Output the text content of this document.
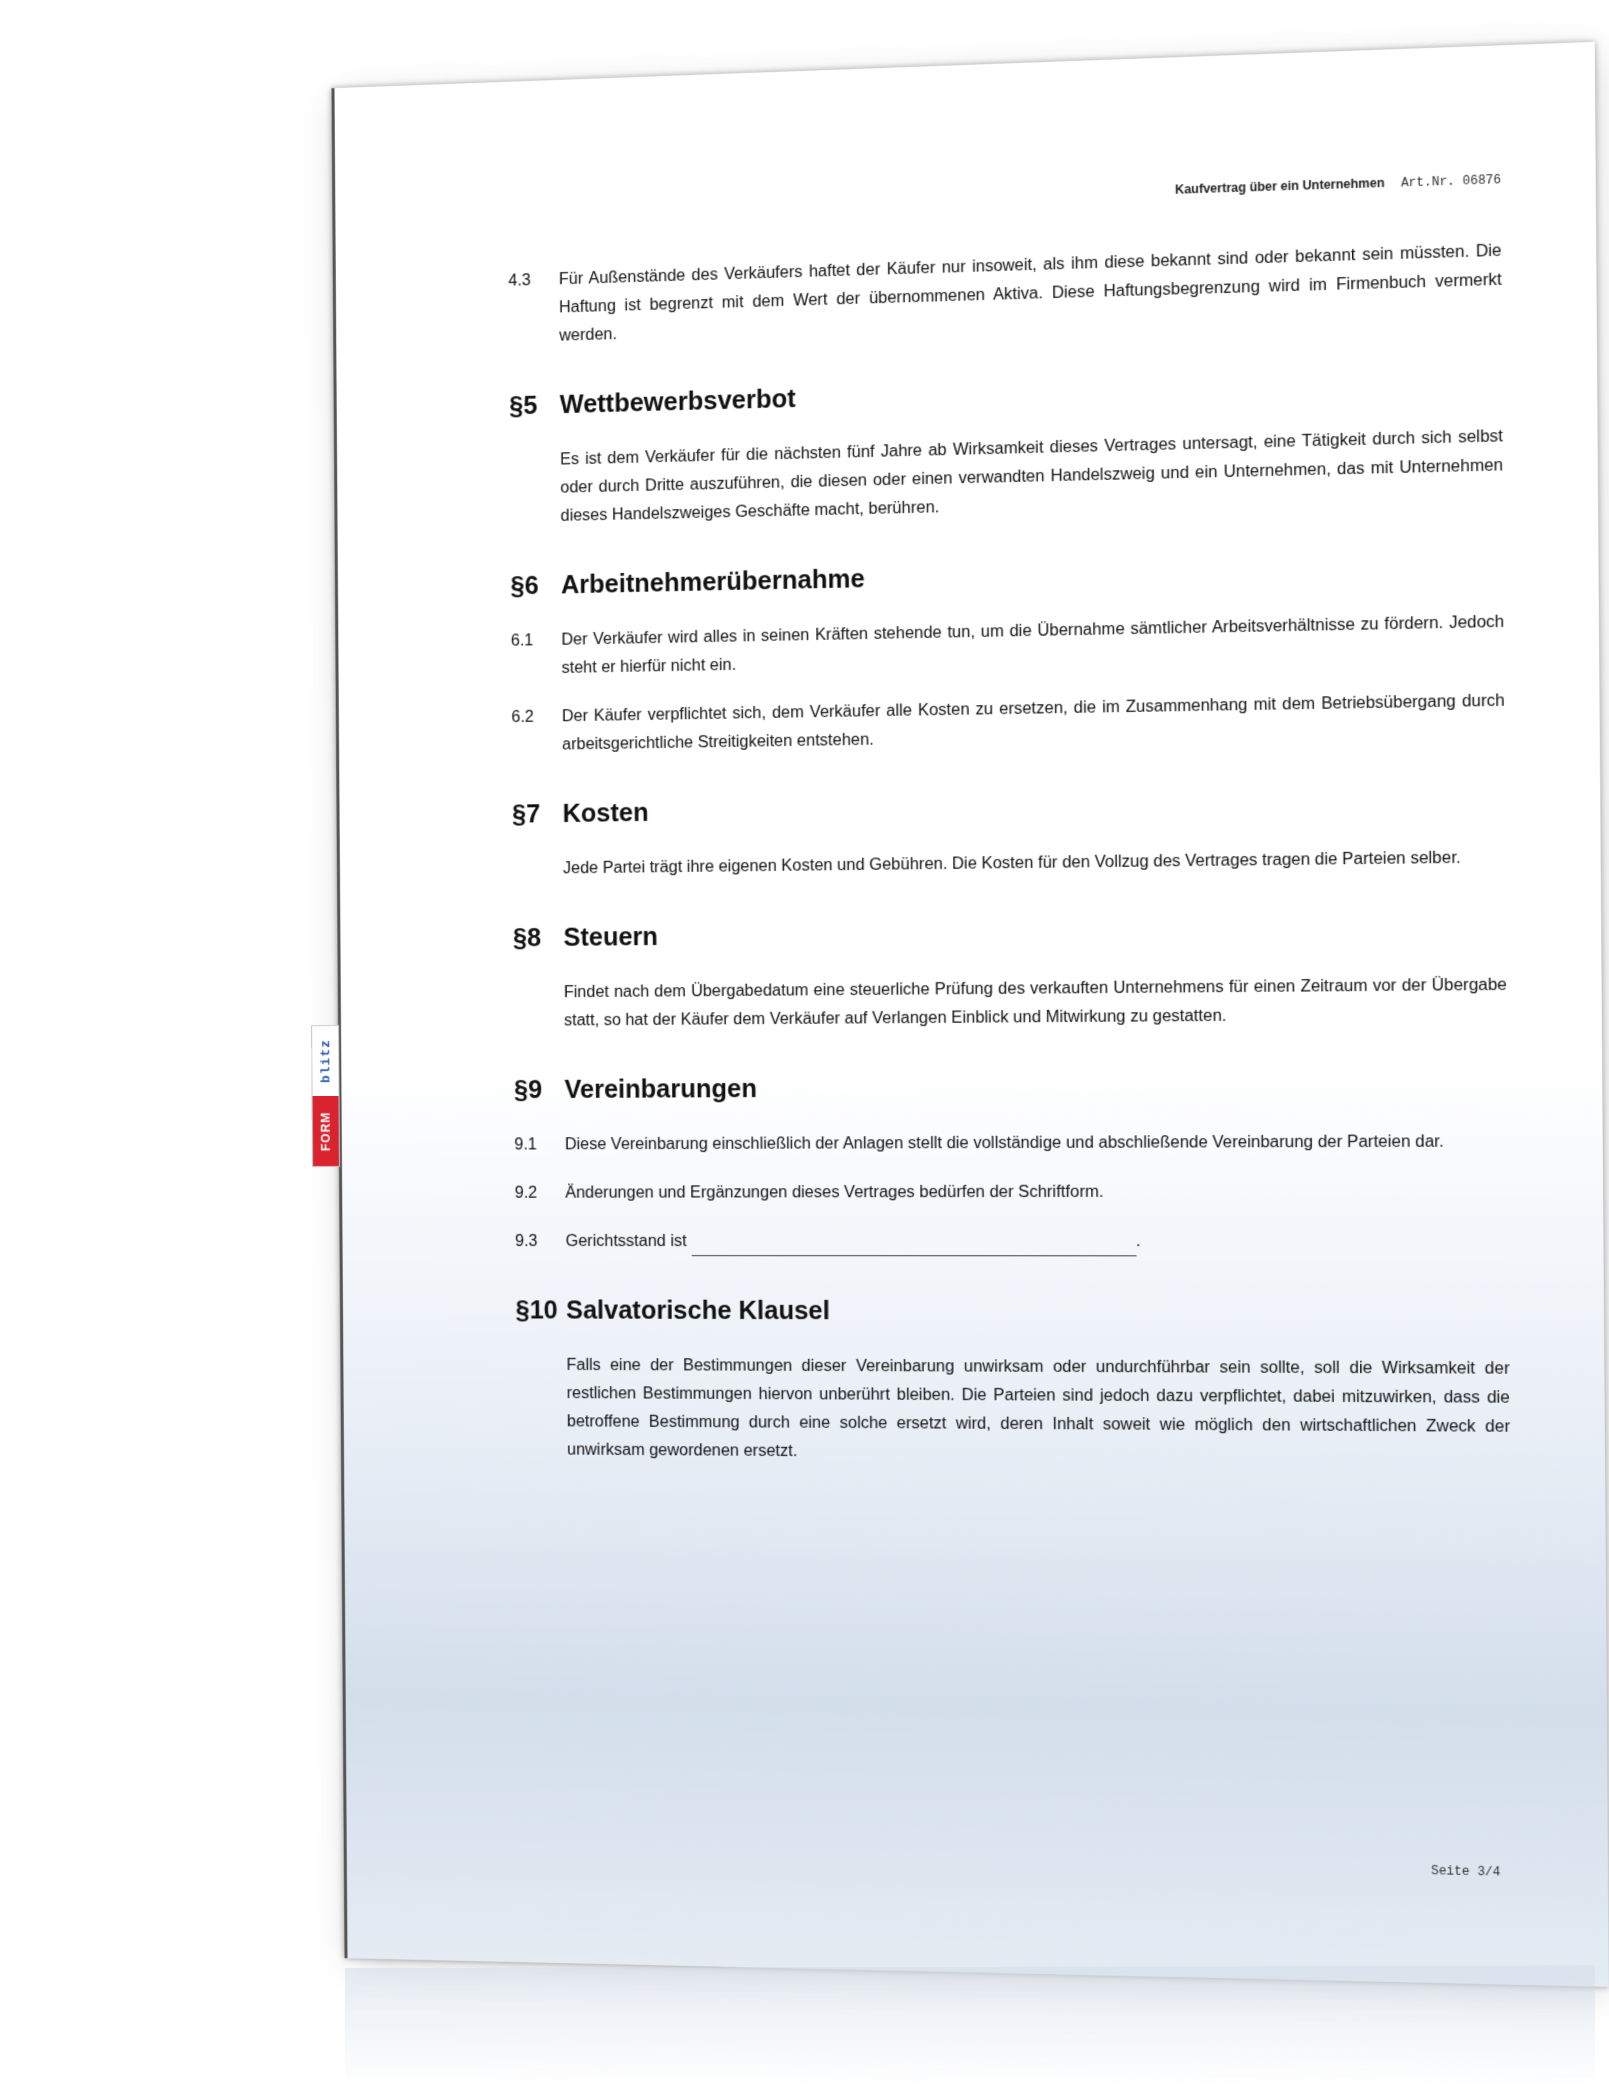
blitz
FORM
Kaufvertrag über ein Unternehmen Art.Nr. 06876
4.3	Für Außenstände des Verkäufers haftet der Käufer nur insoweit, als ihm diese bekannt sind oder bekannt sein müssten. Die Haftung ist begrenzt mit dem Wert der übernommenen Aktiva. Diese Haftungsbegrenzung wird im Firmenbuch vermerkt werden.
§5 Wettbewerbsverbot
Es ist dem Verkäufer für die nächsten fünf Jahre ab Wirksamkeit dieses Vertrages untersagt, eine Tätigkeit durch sich selbst oder durch Dritte auszuführen, die diesen oder einen verwandten Handelszweig und ein Unternehmen, das mit Unternehmen dieses Handelszweiges Geschäfte macht, berühren.
§6 Arbeitnehmerübernahme
6.1	Der Verkäufer wird alles in seinen Kräften stehende tun, um die Übernahme sämtlicher Arbeitsverhältnisse zu fördern. Jedoch steht er hierfür nicht ein.
6.2	Der Käufer verpflichtet sich, dem Verkäufer alle Kosten zu ersetzen, die im Zusammenhang mit dem Betriebsübergang durch arbeitsgerichtliche Streitigkeiten entstehen.
§7 Kosten
Jede Partei trägt ihre eigenen Kosten und Gebühren. Die Kosten für den Vollzug des Vertrages tragen die Parteien selber.
§8 Steuern
Findet nach dem Übergabedatum eine steuerliche Prüfung des verkauften Unternehmens für einen Zeitraum vor der Übergabe statt, so hat der Käufer dem Verkäufer auf Verlangen Einblick und Mitwirkung zu gestatten.
§9 Vereinbarungen
9.1	Diese Vereinbarung einschließlich der Anlagen stellt die vollständige und abschließende Vereinbarung der Parteien dar.
9.2	Änderungen und Ergänzungen dieses Vertrages bedürfen der Schriftform.
9.3	Gerichtsstand ist	.
§10 Salvatorische Klausel
Falls eine der Bestimmungen dieser Vereinbarung unwirksam oder undurchführbar sein sollte, soll die Wirksamkeit der restlichen Bestimmungen hiervon unberührt bleiben. Die Parteien sind jedoch dazu verpflichtet, dabei mitzuwirken, dass die betroffene Bestimmung durch eine solche ersetzt wird, deren Inhalt soweit wie möglich den wirtschaftlichen Zweck der unwirksam gewordenen ersetzt.
Seite 3/4
